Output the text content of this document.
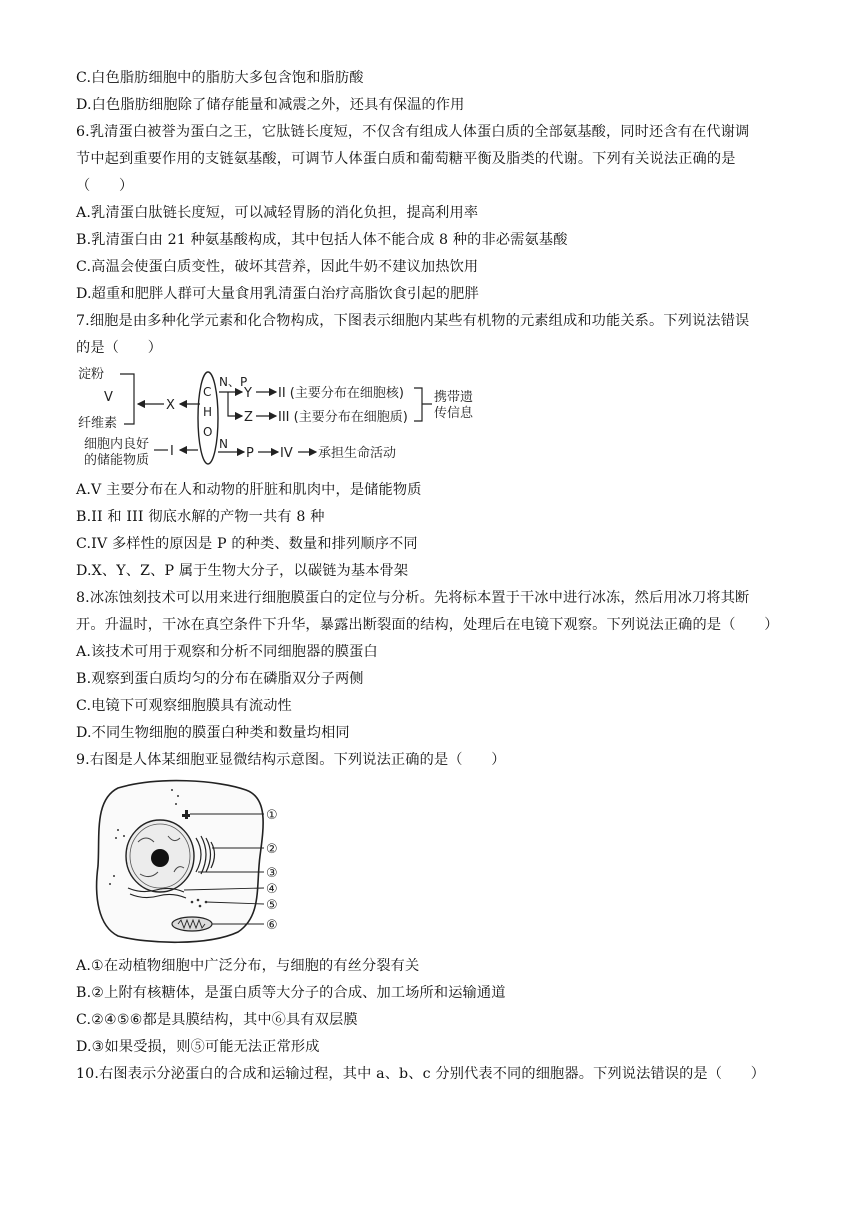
C.白色脂肪细胞中的脂肪大多包含饱和脂肪酸
D.白色脂肪细胞除了储存能量和减震之外，还具有保温的作用
6.乳清蛋白被誉为蛋白之王，它肽链长度短，不仅含有组成人体蛋白质的全部氨基酸，同时还含有在代谢调
节中起到重要作用的支链氨基酸，可调节人体蛋白质和葡萄糖平衡及脂类的代谢。下列有关说法正确的是
（　　）
A.乳清蛋白肽链长度短，可以减轻胃肠的消化负担，提高利用率
B.乳清蛋白由 21 种氨基酸构成，其中包括人体不能合成 8 种的非必需氨基酸
C.高温会使蛋白质变性，破坏其营养，因此牛奶不建议加热饮用
D.超重和肥胖人群可大量食用乳清蛋白治疗高脂饮食引起的肥胖
7.细胞是由多种化学元素和化合物构成，下图表示细胞内某些有机物的元素组成和功能关系。下列说法错误
的是（　　）
淀粉
V
纤维素
X
C
H
O
N、P
Y II (主要分布在细胞核)
Z III (主要分布在细胞质)
携带遗
传信息
N
P IV 承担生命活动
I
细胞内良好
的储能物质
A.V 主要分布在人和动物的肝脏和肌肉中，是储能物质
B.II 和 III 彻底水解的产物一共有 8 种
C.IV 多样性的原因是 P 的种类、数量和排列顺序不同
D.X、Y、Z、P 属于生物大分子，以碳链为基本骨架
8.冰冻蚀刻技术可以用来进行细胞膜蛋白的定位与分析。先将标本置于干冰中进行冰冻，然后用冰刀将其断
开。升温时，干冰在真空条件下升华，暴露出断裂面的结构，处理后在电镜下观察。下列说法正确的是（　　）
A.该技术可用于观察和分析不同细胞器的膜蛋白
B.观察到蛋白质均匀的分布在磷脂双分子两侧
C.电镜下可观察细胞膜具有流动性
D.不同生物细胞的膜蛋白种类和数量均相同
9.右图是人体某细胞亚显微结构示意图。下列说法正确的是（　　）
①
②
③
④
⑤
⑥
A.①在动植物细胞中广泛分布，与细胞的有丝分裂有关
B.②上附有核糖体，是蛋白质等大分子的合成、加工场所和运输通道
C.②④⑤⑥都是具膜结构，其中⑥具有双层膜
D.③如果受损，则⑤可能无法正常形成
10.右图表示分泌蛋白的合成和运输过程，其中 a、b、c 分别代表不同的细胞器。下列说法错误的是（　　）
